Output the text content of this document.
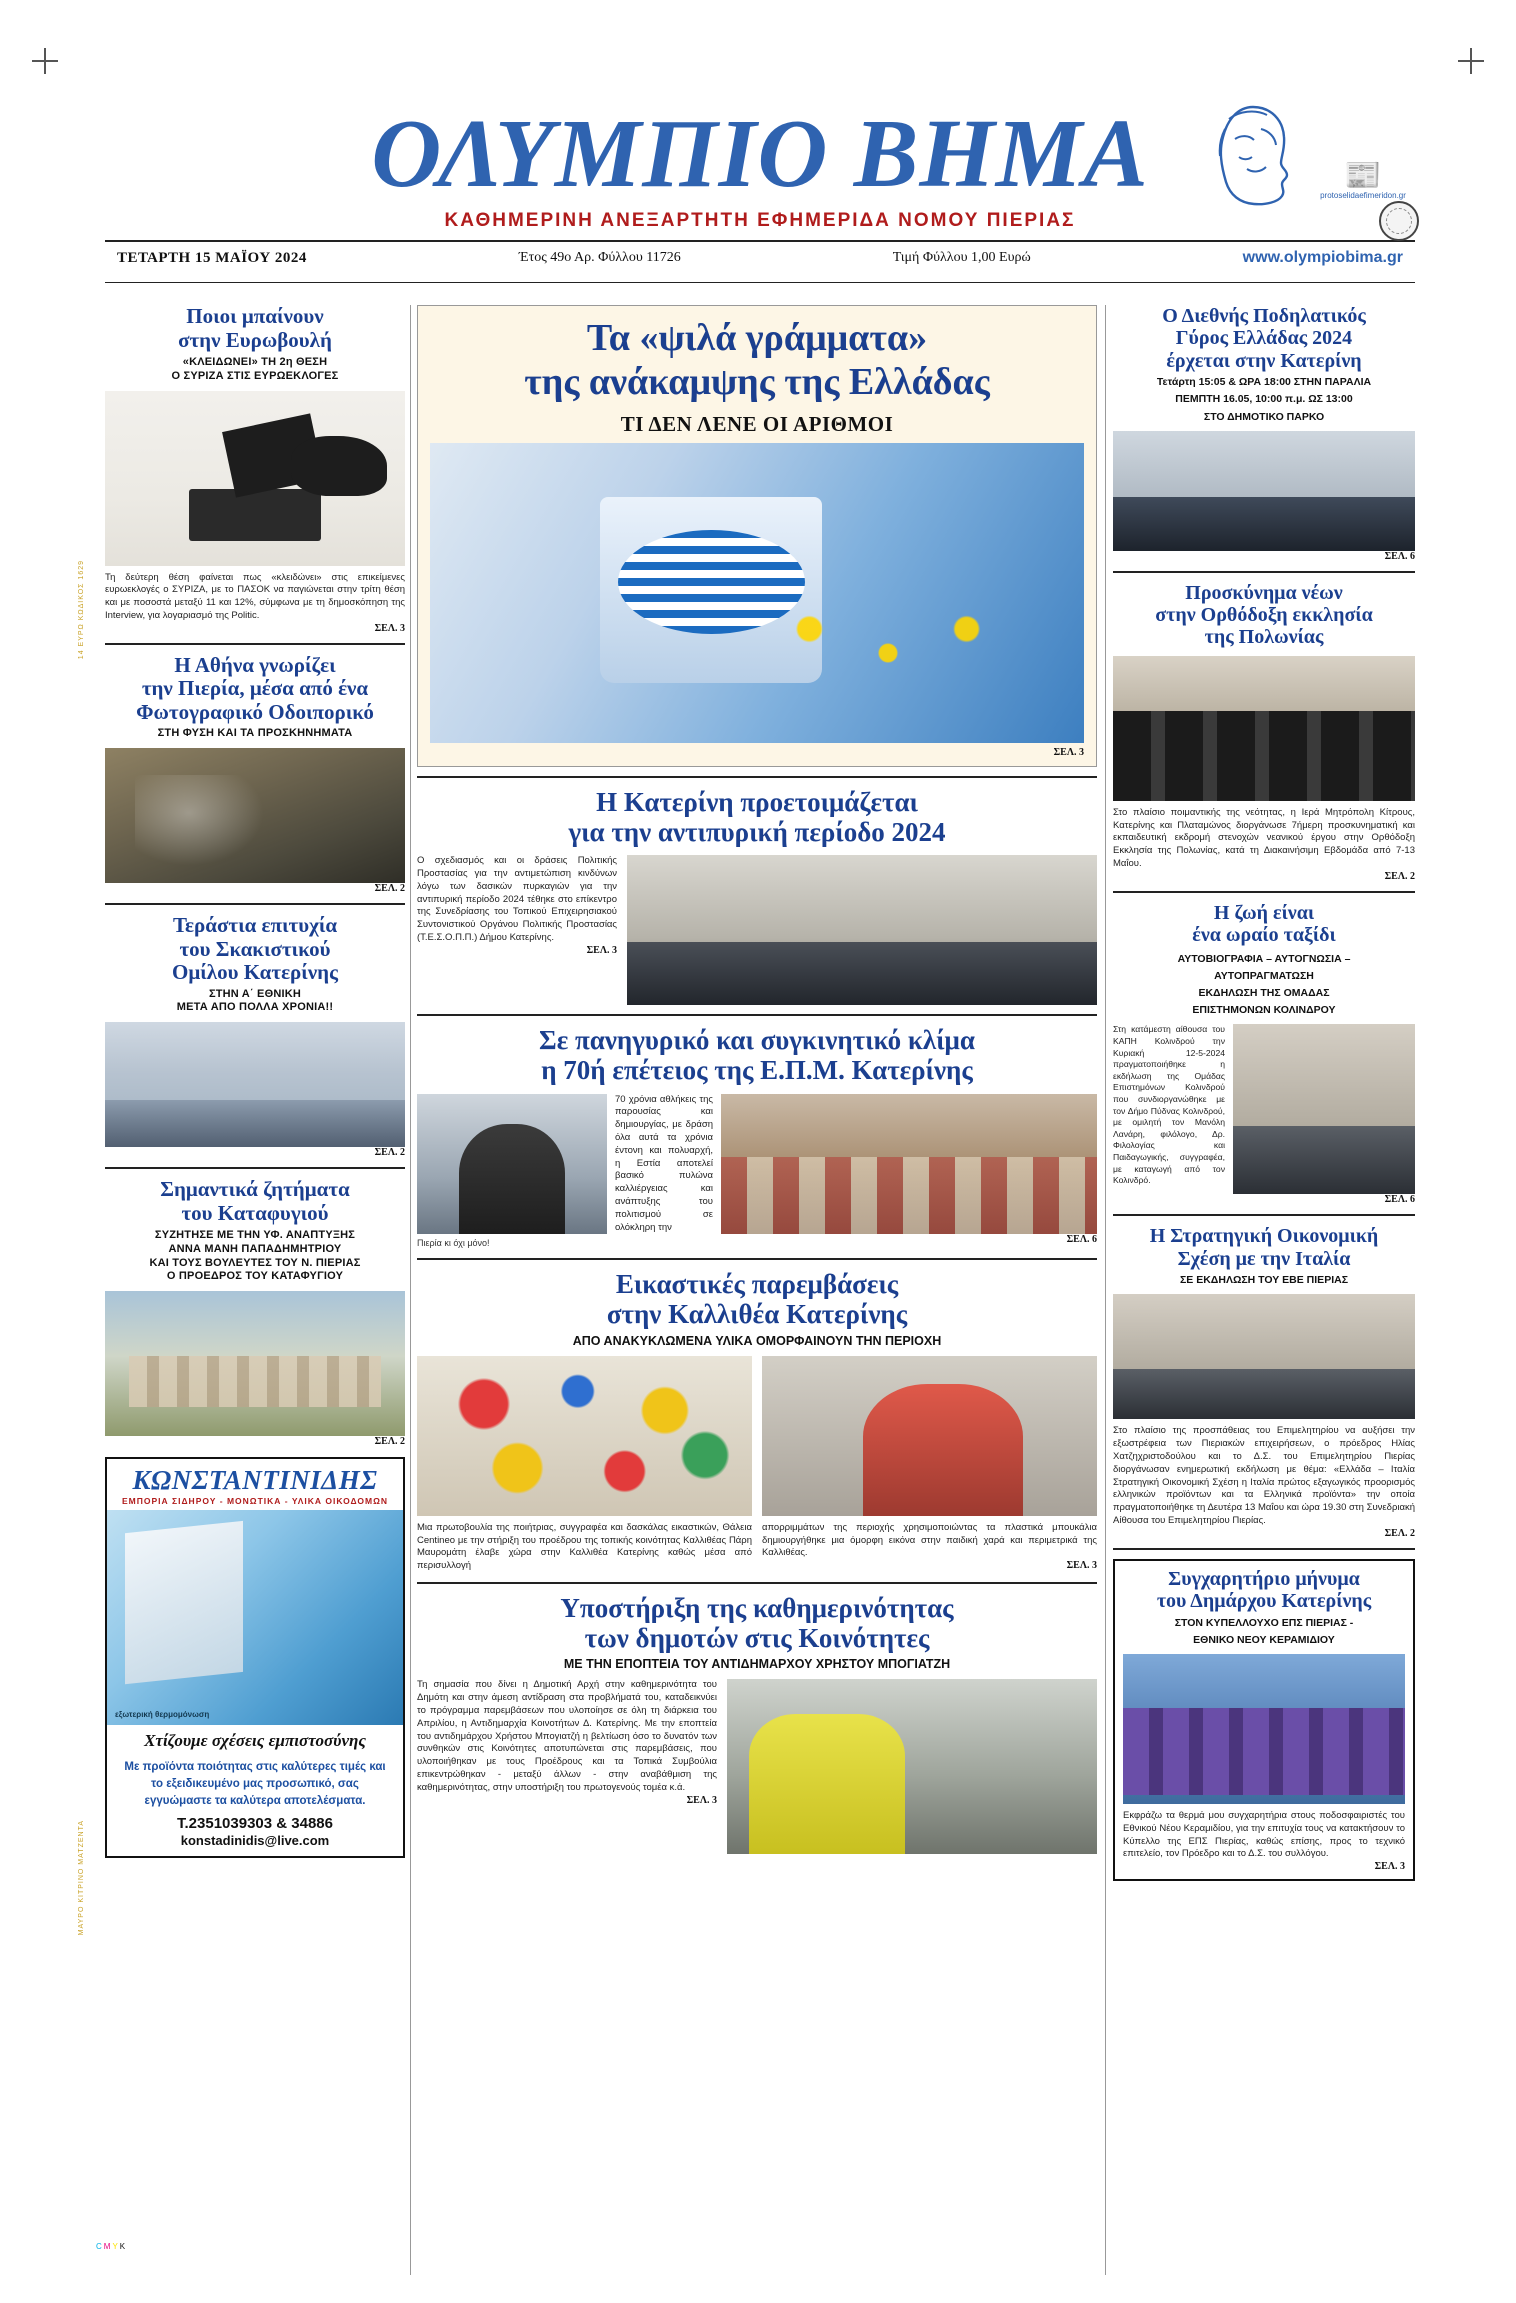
ΟΛΥΜΠΙΟ ΒΗΜΑ	📰
protoselidaefimeridon.gr
ΚΑΘΗΜΕΡΙΝΗ ΑΝΕΞΑΡΤΗΤΗ ΕΦΗΜΕΡΙΔΑ ΝΟΜΟΥ ΠΙΕΡΙΑΣ
ΤΕΤΑΡΤΗ 15 ΜΑΪΟΥ 2024	Έτος 49ο Αρ. Φύλλου 11726	Τιμή Φύλλου 1,00 Ευρώ	www.olympiobima.gr
14 ΕΥΡΩ ΚΩΔΙΚΟΣ 1629
ΜΑΥΡΟ ΚΙΤΡΙΝΟ ΜΑΤΖΕΝΤΑ
CMYK
Ποιοι μπαίνουν
στην Ευρωβουλή
«ΚΛΕΙΔΩΝΕΙ» ΤΗ 2η ΘΕΣΗ
Ο ΣΥΡΙΖΑ ΣΤΙΣ ΕΥΡΩΕΚΛΟΓΕΣ
Τη δεύτερη θέση φαίνεται πως «κλειδώνει» στις επικείμενες ευρωεκλογές ο ΣΥΡΙΖΑ, με το ΠΑΣΟΚ να παγιώνεται στην τρίτη θέση και με ποσοστά μεταξύ 11 και 12%, σύμφωνα με τη δημοσκόπηση της Interview, για λογαριασμό της Politic.
ΣΕΛ. 3
Η Αθήνα γνωρίζει
την Πιερία, μέσα από ένα
Φωτογραφικό Οδοιπορικό
ΣΤΗ ΦΥΣΗ ΚΑΙ ΤΑ ΠΡΟΣΚΗΝΗΜΑΤΑ
ΣΕΛ. 2
Τεράστια επιτυχία
του Σκακιστικού
Ομίλου Κατερίνης
ΣΤΗΝ Α΄ ΕΘΝΙΚΗ
ΜΕΤΑ ΑΠΟ ΠΟΛΛΑ ΧΡΟΝΙΑ!!
ΣΕΛ. 2
Σημαντικά ζητήματα
του Καταφυγιού
ΣΥΖΗΤΗΣΕ ΜΕ ΤΗΝ ΥΦ. ΑΝΑΠΤΥΞΗΣ
ΑΝΝΑ ΜΑΝΗ ΠΑΠΑΔΗΜΗΤΡΙΟΥ
ΚΑΙ ΤΟΥΣ ΒΟΥΛΕΥΤΕΣ ΤΟΥ Ν. ΠΙΕΡΙΑΣ
Ο ΠΡΟΕΔΡΟΣ ΤΟΥ ΚΑΤΑΦΥΓΙΟΥ
ΣΕΛ. 2
ΚΩΝΣΤΑΝΤΙΝΙΔΗΣ
ΕΜΠΟΡΙΑ ΣΙΔΗΡΟΥ - ΜΟΝΩΤΙΚΑ - ΥΛΙΚΑ ΟΙΚΟΔΟΜΩΝ
εξωτερική θερμομόνωση
Χτίζουμε σχέσεις εμπιστοσύνης
Με προϊόντα ποιότητας στις καλύτερες τιμές και το εξειδικευμένο μας προσωπικό, σας εγγυώμαστε τα καλύτερα αποτελέσματα.
Τ.2351039303 & 34886
konstadinidis@live.com
Τα «ψιλά γράμματα»
της ανάκαμψης της Ελλάδας
ΤΙ ΔΕΝ ΛΕΝΕ ΟΙ ΑΡΙΘΜΟΙ
ΣΕΛ. 3
Η Κατερίνη προετοιμάζεται
για την αντιπυρική περίοδο 2024
Ο σχεδιασμός και οι δράσεις Πολιτικής Προστασίας για την αντιμετώπιση κινδύνων λόγω των δασικών πυρκαγιών για την αντιπυρική περίοδο 2024 τέθηκε στο επίκεντρο της Συνεδρίασης του Τοπικού Επιχειρησιακού Συντονιστικού Οργάνου Πολιτικής Προστασίας (Τ.Ε.Σ.Ο.Π.Π.) Δήμου Κατερίνης.
ΣΕΛ. 3
Σε πανηγυρικό και συγκινητικό κλίμα
η 70ή επέτειος της Ε.Π.Μ. Κατερίνης
Πιερία κι όχι μόνο!
70 χρόνια αθλήκεις της παρουσίας και δημιουργίας, με δράση όλα αυτά τα χρόνια έντονη και πολυαρχή, η Εστία αποτελεί βασικό πυλώνα καλλιέργειας και ανάπτυξης του πολιτισμού σε ολόκληρη την
ΣΕΛ. 6
Εικαστικές παρεμβάσεις
στην Καλλιθέα Κατερίνης
ΑΠΟ ΑΝΑΚΥΚΛΩΜΕΝΑ ΥΛΙΚΑ ΟΜΟΡΦΑΙΝΟΥΝ ΤΗΝ ΠΕΡΙΟΧΗ
Μια πρωτοβουλία της ποιήτριας, συγγραφέα και δασκάλας εικαστικών, Θάλεια Centineo με την στήριξη του προέδρου της τοπικής κοινότητας Καλλιθέας Πάρη Μαυρομάτη έλαβε χώρα στην Καλλιθέα Κατερίνης καθώς μέσα από περισυλλογή
απορριμμάτων της περιοχής χρησιμοποιώντας τα πλαστικά μπουκάλια δημιουργήθηκε μια όμορφη εικόνα στην παιδική χαρά και περιμετρικά της Καλλιθέας.
ΣΕΛ. 3
Υποστήριξη της καθημερινότητας
των δημοτών στις Κοινότητες
ΜΕ ΤΗΝ ΕΠΟΠΤΕΙΑ ΤΟΥ ΑΝΤΙΔΗΜΑΡΧΟΥ ΧΡΗΣΤΟΥ ΜΠΟΓΙΑΤΖΗ
Τη σημασία που δίνει η Δημοτική Αρχή στην καθημερινότητα του Δημότη και στην άμεση αντίδραση στα προβλήματά του, καταδεικνύει το πρόγραμμα παρεμβάσεων που υλοποίησε σε όλη τη διάρκεια του Απριλίου, η Αντιδημαρχία Κοινοτήτων Δ. Κατερίνης. Με την εποπτεία του αντιδημάρχου Χρήστου Μπογιατζή η βελτίωση όσο το δυνατόν των συνθηκών στις Κοινότητες αποτυπώνεται στις παρεμβάσεις, που υλοποιήθηκαν με τους Προέδρους και τα Τοπικά Συμβούλια επικεντρώθηκαν - μεταξύ άλλων - στην αναβάθμιση της καθημερινότητας, στην υποστήριξη του πρωτογενούς τομέα κ.ά.
ΣΕΛ. 3
Ο Διεθνής Ποδηλατικός
Γύρος Ελλάδας 2024
έρχεται στην Κατερίνη
Τετάρτη 15:05 & ΩΡΑ 18:00 ΣΤΗΝ ΠΑΡΑΛΙΑ
ΠΕΜΠΤΗ 16.05, 10:00 π.μ. ΩΣ 13:00
ΣΤΟ ΔΗΜΟΤΙΚΟ ΠΑΡΚΟ
ΣΕΛ. 6
Προσκύνημα νέων
στην Ορθόδοξη εκκλησία
της Πολωνίας
Στο πλαίσιο ποιμαντικής της νεότητας, η Ιερά Μητρόπολη Κίτρους, Κατερίνης και Πλαταμώνος διοργάνωσε 7ήμερη προσκυνηματική και εκπαιδευτική εκδρομή στενοχών νεανικού έργου στην Ορθόδοξη Εκκλησία της Πολωνίας, κατά τη Διακαινήσιμη Εβδομάδα από 7-13 Μαΐου.
ΣΕΛ. 2
Η ζωή είναι
ένα ωραίο ταξίδι
ΑΥΤΟΒΙΟΓΡΑΦΙΑ – ΑΥΤΟΓΝΩΣΙΑ –
ΑΥΤΟΠΡΑΓΜΑΤΩΣΗ
ΕΚΔΗΛΩΣΗ ΤΗΣ ΟΜΑΔΑΣ
ΕΠΙΣΤΗΜΟΝΩΝ ΚΟΛΙΝΔΡΟΥ
Στη κατάμεστη αίθουσα του ΚΑΠΗ Κολινδρού την Κυριακή 12-5-2024 πραγματοποιήθηκε η εκδήλωση της Ομάδας Επιστημόνων Κολινδρού που συνδιοργανώθηκε με τον Δήμο Πύδνας Κολινδρού, με ομιλητή τον Μανόλη Λανάρη, φιλόλογο, Δρ. Φιλολογίας και Παιδαγωγικής, συγγραφέα, με καταγωγή από τον Κολινδρό.
ΣΕΛ. 6
Η Στρατηγική Οικονομική
Σχέση με την Ιταλία
ΣΕ ΕΚΔΗΛΩΣΗ ΤΟΥ ΕΒΕ ΠΙΕΡΙΑΣ
Στο πλαίσιο της προσπάθειας του Επιμελητηρίου να αυξήσει την εξωστρέφεια των Πιεριακών επιχειρήσεων, ο πρόεδρος Ηλίας Χατζηχριστοδούλου και το Δ.Σ. του Επιμελητηρίου Πιερίας διοργάνωσαν ενημερωτική εκδήλωση με θέμα: «Ελλάδα – Ιταλία Στρατηγική Οικονομική Σχέση η Ιταλία πρώτος εξαγωγικός προορισμός ελληνικών προϊόντων και τα Ελληνικά προϊόντα» την οποία πραγματοποιήθηκε τη Δευτέρα 13 Μαΐου και ώρα 19.30 στη Συνεδριακή Αίθουσα του Επιμελητηρίου Πιερίας.
ΣΕΛ. 2
Συγχαρητήριο μήνυμα
του Δημάρχου Κατερίνης
ΣΤΟΝ ΚΥΠΕΛΛΟΥΧΟ ΕΠΣ ΠΙΕΡΙΑΣ -
ΕΘΝΙΚΟ ΝΕΟΥ ΚΕΡΑΜΙΔΙΟΥ
Εκφράζω τα θερμά μου συγχαρητήρια στους ποδοσφαιριστές του Εθνικού Νέου Κεραμιδίου, για την επιτυχία τους να κατακτήσουν το Κύπελλο της ΕΠΣ Πιερίας, καθώς επίσης, προς το τεχνικό επιτελείο, τον Πρόεδρο και το Δ.Σ. του συλλόγου.
ΣΕΛ. 3
